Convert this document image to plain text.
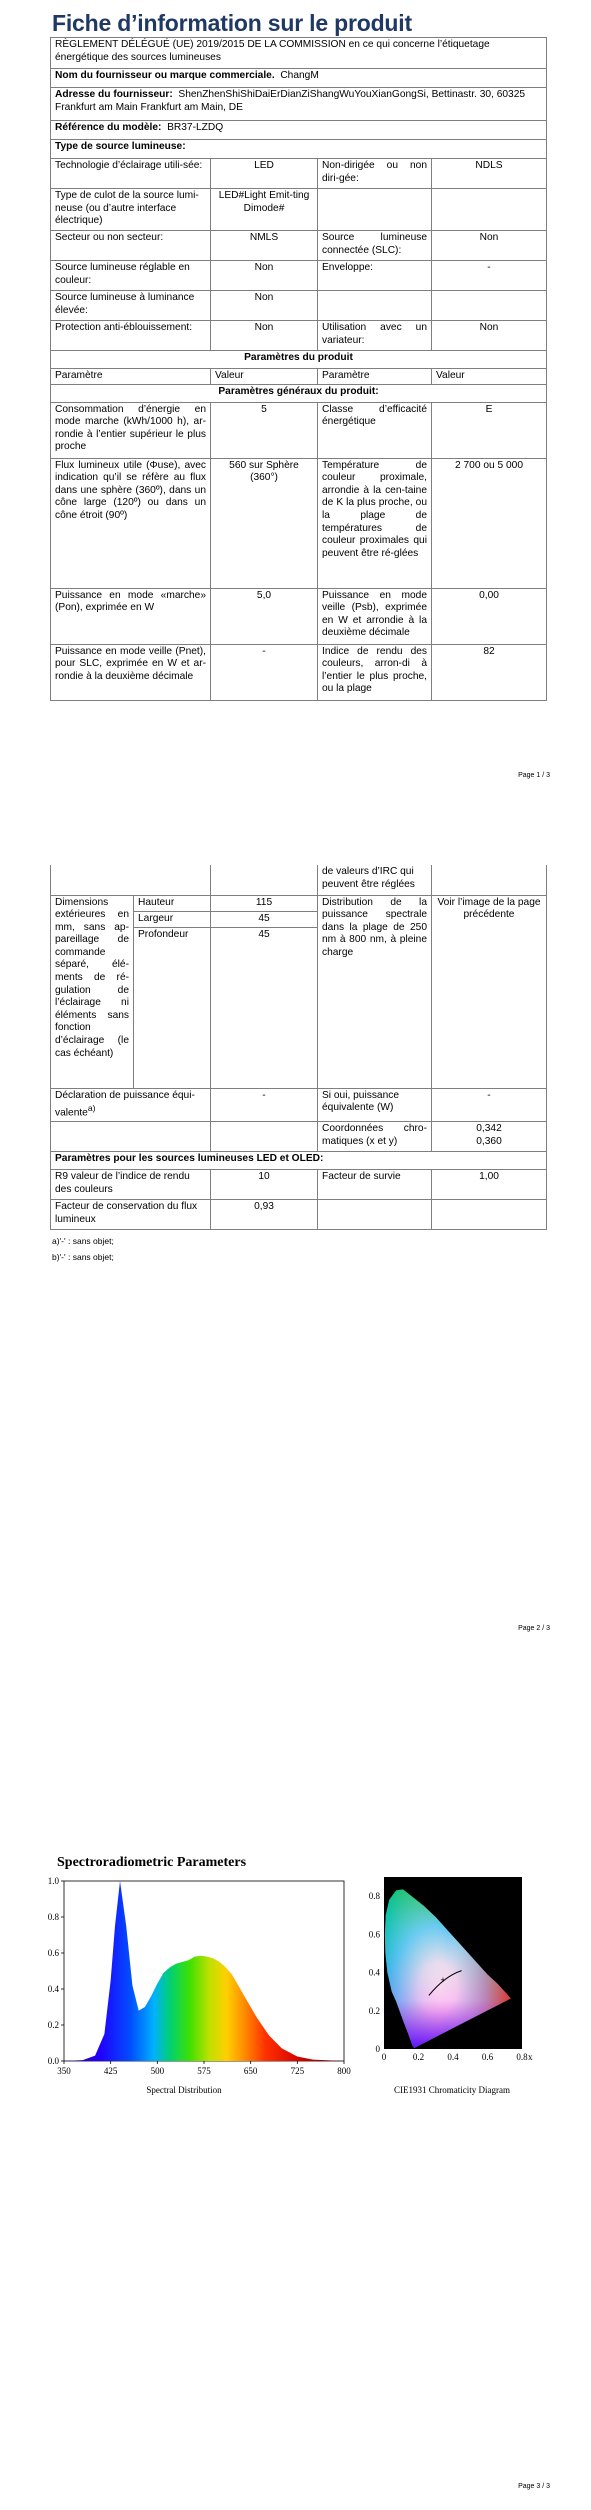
Fiche d’information sur le produit
RÈGLEMENT DÉLÉGUÉ (UE) 2019/2015 DE LA COMMISSION en ce qui concerne l’étiquetage énergétique des sources lumineuses			
Nom du fournisseur ou marque commerciale. ChangM			
Adresse du fournisseur: ShenZhenShiShiDaiErDianZiShangWuYouXianGongSi, Bettinastr. 30, 60325 Frankfurt am Main Frankfurt am Main, DE			
Référence du modèle: BR37-LZDQ			
Type de source lumineuse:			
Technologie d’éclairage utili-sée:	LED	Non-dirigée ou non diri-gée:	NDLS
Type de culot de la source lumi-neuse (ou d’autre interface électrique)	LED#Light Emit-ting Dimode#		
Secteur ou non secteur:	NMLS	Source lumineuse connectée (SLC):	Non
Source lumineuse réglable en couleur:	Non	Enveloppe:	-
Source lumineuse à luminance élevée:	Non		
Protection anti-éblouissement:	Non	Utilisation avec un variateur:	Non
Paramètres du produit			
Paramètre	Valeur	Paramètre	Valeur
Paramètres généraux du produit:			
Consommation d’énergie en mode marche (kWh/1000 h), ar-rondie à l’entier supérieur le plus proche	5	Classe d’efficacité énergétique	E
Flux lumineux utile (Φuse), avec indication qu’il se réfère au flux dans une sphère (360º), dans un cône large (120º) ou dans un cône étroit (90º)	560 sur Sphère (360°)	Température de couleur proximale, arrondie à la cen-taine de K la plus proche, ou la plage de températures de couleur proximales qui peuvent être ré-glées	2 700 ou 5 000
Puissance en mode «marche» (Pon), exprimée en W	5,0	Puissance en mode veille (Psb), exprimée en W et arrondie à la deuxième décimale	0,00
Puissance en mode veille (Pnet), pour SLC, exprimée en W et ar-rondie à la deuxième décimale	-	Indice de rendu des couleurs, arron-di à l’entier le plus proche, ou la plage	82
Page 1 / 3
			de valeurs d’IRC qui peuvent être réglées	
Dimensions extérieures en mm, sans ap-pareillage de commande séparé, élé-ments de ré-gulation de l’éclairage ni éléments sans fonction d’éclairage (le cas échéant)	Hauteur	115	Distribution de la puissance spectrale dans la plage de 250 nm à 800 nm, à pleine charge	Voir l’image de la page précédente
	Largeur	45		
	Profondeur	45		
Déclaration de puissance équi-valente$^{a)}$		-	Si oui, puissance équivalente (W)	-
			Coordonnées chro-matiques (x et y)	0,342
0,360

Paramètres pour les sources lumineuses LED et OLED:				
R9 valeur de l’indice de rendu des couleurs		10	Facteur de survie	1,00
Facteur de conservation du flux lumineux		0,93		
a)'-' : sans objet;
b)'-' : sans objet;
Page 2 / 3
Spectroradiometric Parameters
350	425	500	575	650	725	800
0.0
0.2
0.4
0.6
0.8
1.0
Spectral Distribution
+
0	0.2	0.4	0.6	0.8
0
0.2
0.4
0.6
0.8
x
CIE1931 Chromaticity Diagram
Page 3 / 3
